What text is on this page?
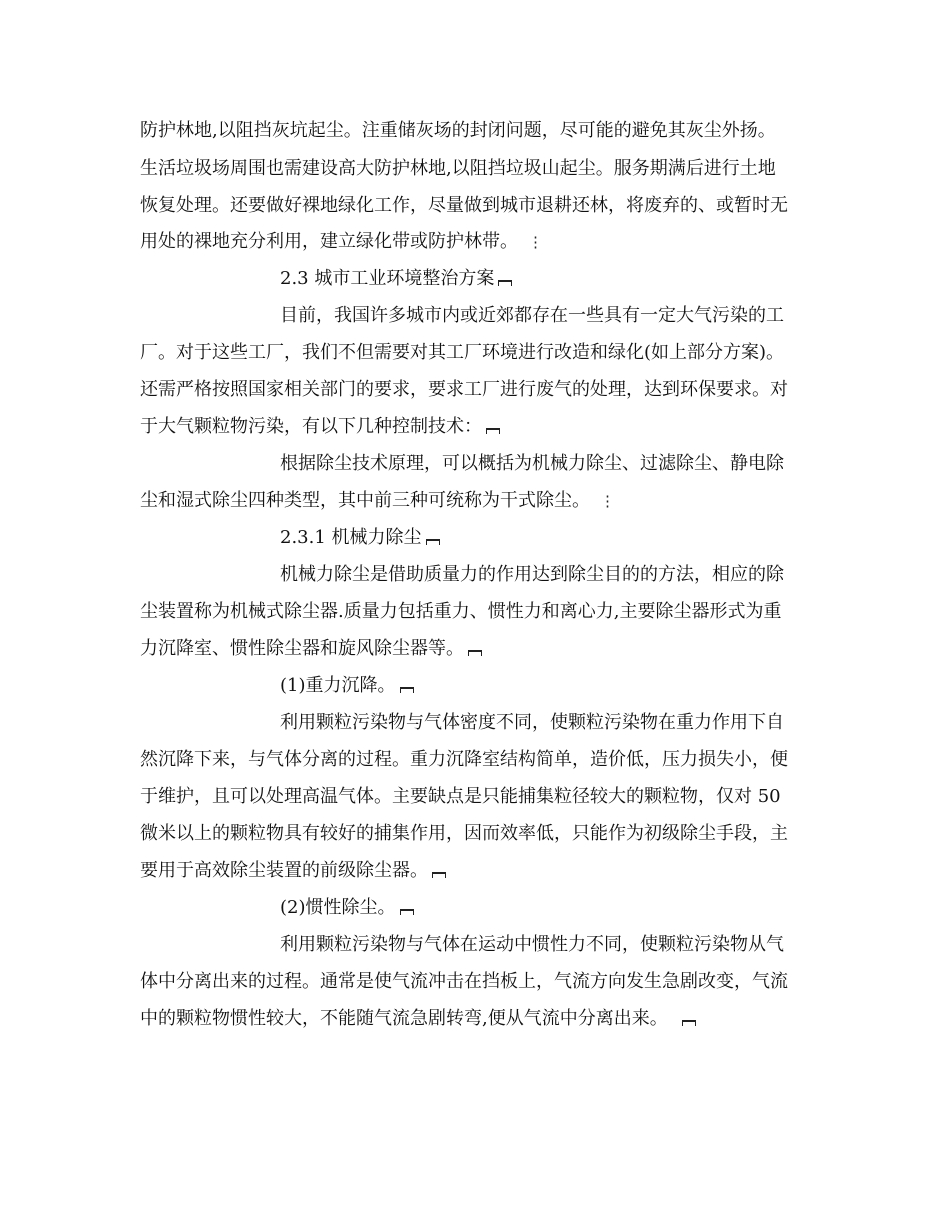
防护林地,以阻挡灰坑起尘。注重储灰场的封闭问题，尽可能的避免其灰尘外扬。

生活垃圾场周围也需建设高大防护林地,以阻挡垃圾山起尘。服务期满后进行土地

恢复处理。还要做好裸地绿化工作，尽量做到城市退耕还林，将废弃的、或暂时无

用处的裸地充分利用，建立绿化带或防护林带。 ⋮

2.3 城市工业环境整治方案

目前，我国许多城市内或近郊都存在一些具有一定大气污染的工

厂。对于这些工厂，我们不但需要对其工厂环境进行改造和绿化(如上部分方案)。

还需严格按照国家相关部门的要求，要求工厂进行废气的处理，达到环保要求。对

于大气颗粒物污染，有以下几种控制技术：

根据除尘技术原理，可以概括为机械力除尘、过滤除尘、静电除

尘和湿式除尘四种类型，其中前三种可统称为干式除尘。 ⋮

2.3.1 机械力除尘

机械力除尘是借助质量力的作用达到除尘目的的方法，相应的除

尘装置称为机械式除尘器.质量力包括重力、惯性力和离心力,主要除尘器形式为重

力沉降室、惯性除尘器和旋风除尘器等。

(1)重力沉降。

利用颗粒污染物与气体密度不同，使颗粒污染物在重力作用下自

然沉降下来，与气体分离的过程。重力沉降室结构简单，造价低，压力损失小，便

于维护，且可以处理高温气体。主要缺点是只能捕集粒径较大的颗粒物，仅对 50

微米以上的颗粒物具有较好的捕集作用，因而效率低，只能作为初级除尘手段，主

要用于高效除尘装置的前级除尘器。

(2)惯性除尘。

利用颗粒污染物与气体在运动中惯性力不同，使颗粒污染物从气

体中分离出来的过程。通常是使气流冲击在挡板上，气流方向发生急剧改变，气流

中的颗粒物惯性较大，不能随气流急剧转弯,便从气流中分离出来。
